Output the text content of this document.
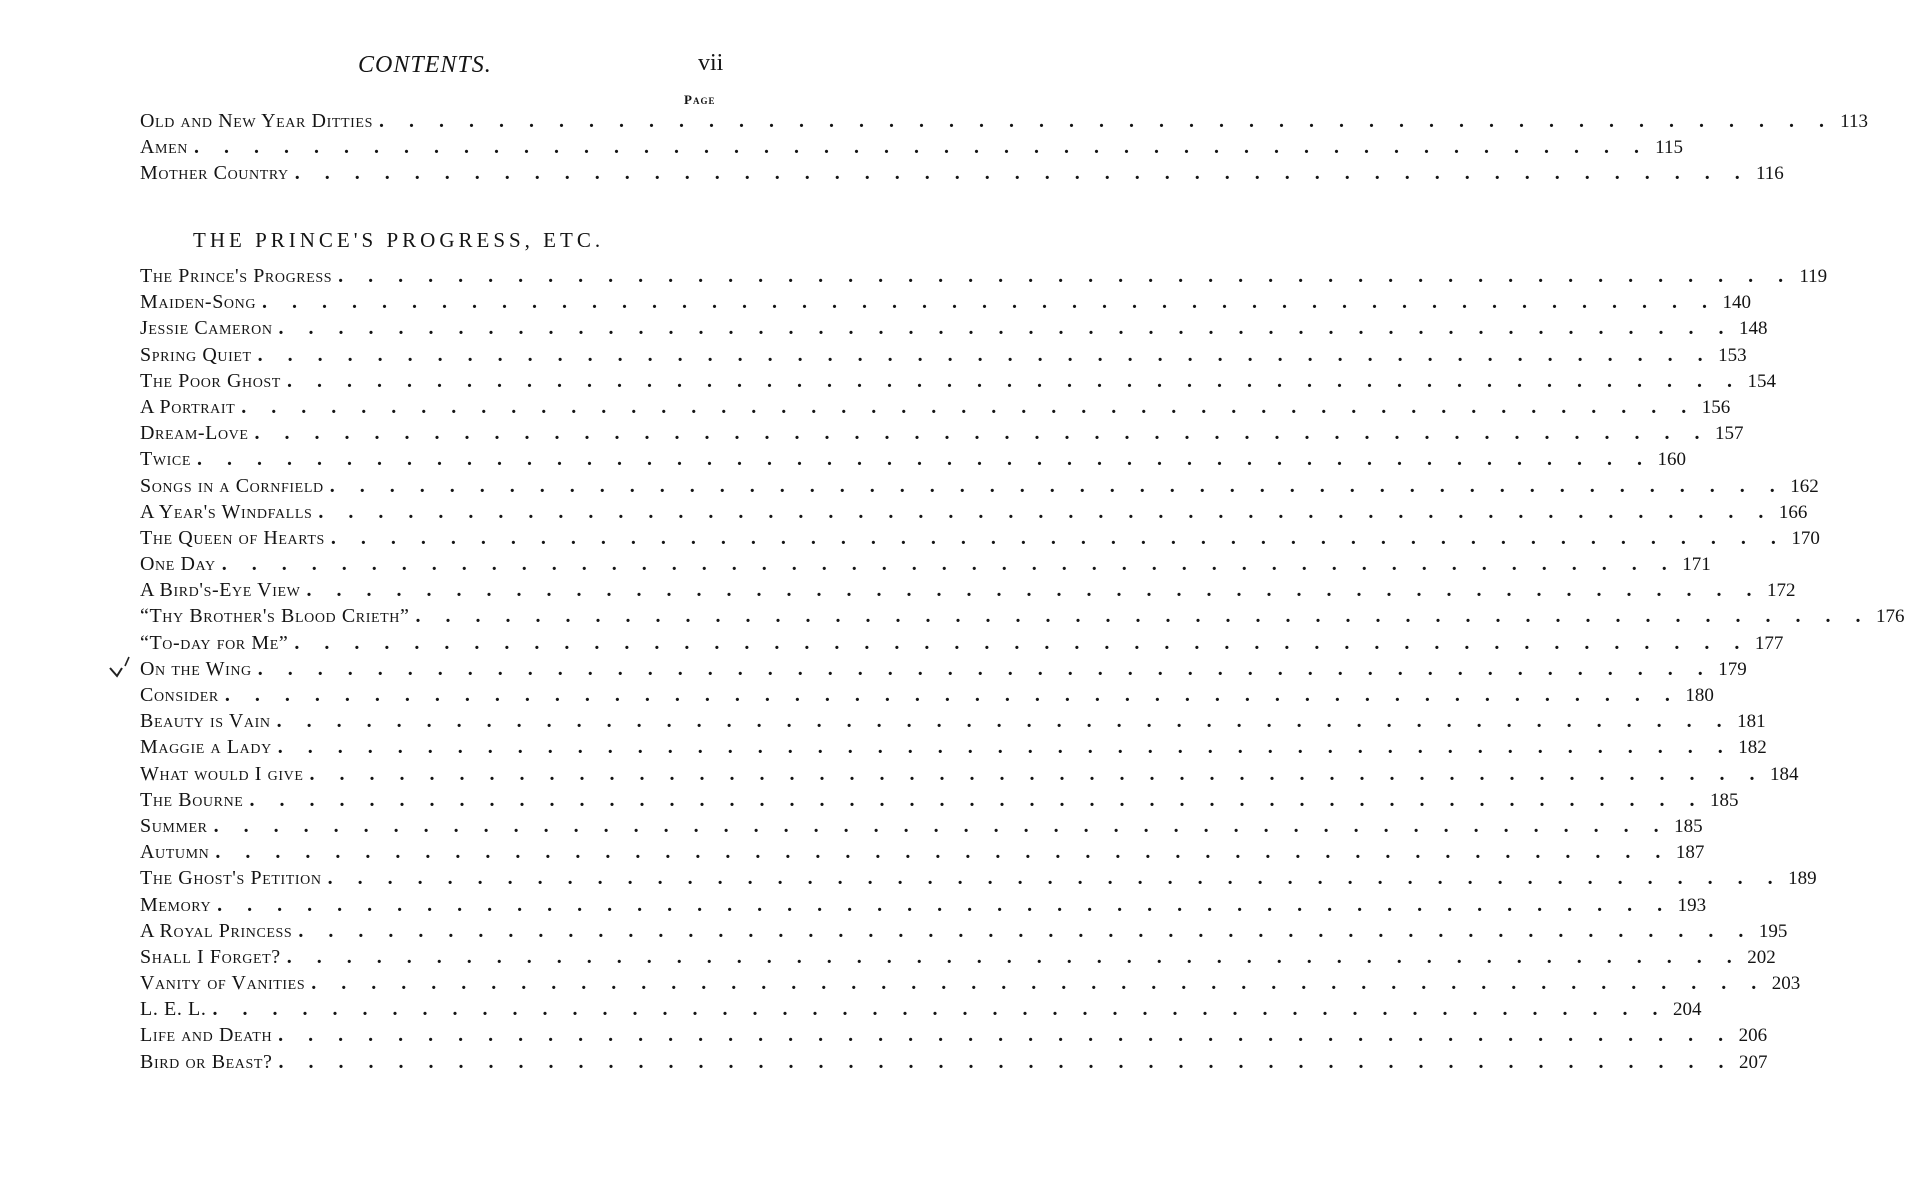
CONTENTS.	vii
Page
Old and New Year Ditties . . . . . . . . . . . . . . . . . . . . . . . . . . . . . . . . . . . . . . . . . . . . . . . . . 113
Amen . . . . . . . . . . . . . . . . . . . . . . . . . . . . . . . . . . . . . . . . . . . . . . . . . 115
Mother Country . . . . . . . . . . . . . . . . . . . . . . . . . . . . . . . . . . . . . . . . . . . . . . . . . 116
THE PRINCE'S PROGRESS, ETC.
The Prince's Progress . . . . . . . . . . . . . . . . . . . . . . . . . . . . . . . . . . . . . . . . . . . . . . . . . 119
Maiden-Song . . . . . . . . . . . . . . . . . . . . . . . . . . . . . . . . . . . . . . . . . . . . . . . . . 140
Jessie Cameron . . . . . . . . . . . . . . . . . . . . . . . . . . . . . . . . . . . . . . . . . . . . . . . . . 148
Spring Quiet . . . . . . . . . . . . . . . . . . . . . . . . . . . . . . . . . . . . . . . . . . . . . . . . . 153
The Poor Ghost . . . . . . . . . . . . . . . . . . . . . . . . . . . . . . . . . . . . . . . . . . . . . . . . . 154
A Portrait . . . . . . . . . . . . . . . . . . . . . . . . . . . . . . . . . . . . . . . . . . . . . . . . . 156
Dream-Love . . . . . . . . . . . . . . . . . . . . . . . . . . . . . . . . . . . . . . . . . . . . . . . . . 157
Twice . . . . . . . . . . . . . . . . . . . . . . . . . . . . . . . . . . . . . . . . . . . . . . . . . 160
Songs in a Cornfield . . . . . . . . . . . . . . . . . . . . . . . . . . . . . . . . . . . . . . . . . . . . . . . . . 162
A Year's Windfalls . . . . . . . . . . . . . . . . . . . . . . . . . . . . . . . . . . . . . . . . . . . . . . . . . 166
The Queen of Hearts . . . . . . . . . . . . . . . . . . . . . . . . . . . . . . . . . . . . . . . . . . . . . . . . . 170
One Day . . . . . . . . . . . . . . . . . . . . . . . . . . . . . . . . . . . . . . . . . . . . . . . . . 171
A Bird's-Eye View . . . . . . . . . . . . . . . . . . . . . . . . . . . . . . . . . . . . . . . . . . . . . . . . . 172
“Thy Brother's Blood Crieth” . . . . . . . . . . . . . . . . . . . . . . . . . . . . . . . . . . . . . . . . . . . . . . . . . 176
“To-day for Me” . . . . . . . . . . . . . . . . . . . . . . . . . . . . . . . . . . . . . . . . . . . . . . . . . 177
On the Wing . . . . . . . . . . . . . . . . . . . . . . . . . . . . . . . . . . . . . . . . . . . . . . . . . 179
Consider . . . . . . . . . . . . . . . . . . . . . . . . . . . . . . . . . . . . . . . . . . . . . . . . . 180
Beauty is Vain . . . . . . . . . . . . . . . . . . . . . . . . . . . . . . . . . . . . . . . . . . . . . . . . . 181
Maggie a Lady . . . . . . . . . . . . . . . . . . . . . . . . . . . . . . . . . . . . . . . . . . . . . . . . . 182
What would I give . . . . . . . . . . . . . . . . . . . . . . . . . . . . . . . . . . . . . . . . . . . . . . . . . 184
The Bourne . . . . . . . . . . . . . . . . . . . . . . . . . . . . . . . . . . . . . . . . . . . . . . . . . 185
Summer . . . . . . . . . . . . . . . . . . . . . . . . . . . . . . . . . . . . . . . . . . . . . . . . . 185
Autumn . . . . . . . . . . . . . . . . . . . . . . . . . . . . . . . . . . . . . . . . . . . . . . . . . 187
The Ghost's Petition . . . . . . . . . . . . . . . . . . . . . . . . . . . . . . . . . . . . . . . . . . . . . . . . . 189
Memory . . . . . . . . . . . . . . . . . . . . . . . . . . . . . . . . . . . . . . . . . . . . . . . . . 193
A Royal Princess . . . . . . . . . . . . . . . . . . . . . . . . . . . . . . . . . . . . . . . . . . . . . . . . . 195
Shall I Forget? . . . . . . . . . . . . . . . . . . . . . . . . . . . . . . . . . . . . . . . . . . . . . . . . . 202
Vanity of Vanities . . . . . . . . . . . . . . . . . . . . . . . . . . . . . . . . . . . . . . . . . . . . . . . . . 203
L. E. L. . . . . . . . . . . . . . . . . . . . . . . . . . . . . . . . . . . . . . . . . . . . . . . . . . 204
Life and Death . . . . . . . . . . . . . . . . . . . . . . . . . . . . . . . . . . . . . . . . . . . . . . . . . 206
Bird or Beast? . . . . . . . . . . . . . . . . . . . . . . . . . . . . . . . . . . . . . . . . . . . . . . . . . 207
